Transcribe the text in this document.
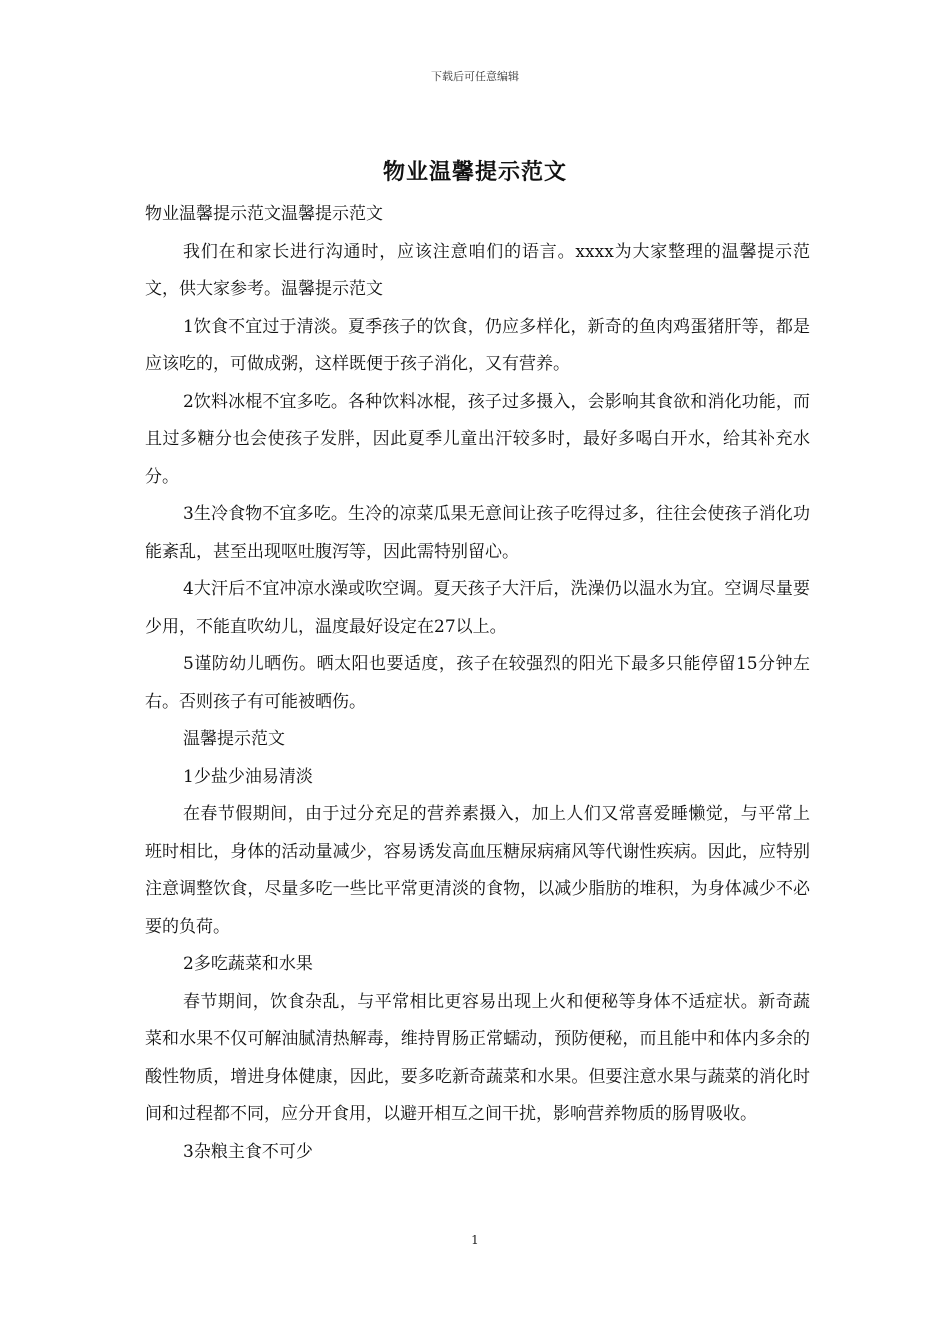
下载后可任意编辑
物业温馨提示范文

物业温馨提示范文温馨提示范文

我们在和家长进行沟通时，应该注意咱们的语言。xxxx为大家整理的温馨提示范文，供大家参考。温馨提示范文

1饮食不宜过于清淡。夏季孩子的饮食，仍应多样化，新奇的鱼肉鸡蛋猪肝等，都是应该吃的，可做成粥，这样既便于孩子消化，又有营养。

2饮料冰棍不宜多吃。各种饮料冰棍，孩子过多摄入，会影响其食欲和消化功能，而且过多糖分也会使孩子发胖，因此夏季儿童出汗较多时，最好多喝白开水，给其补充水分。

3生冷食物不宜多吃。生冷的凉菜瓜果无意间让孩子吃得过多，往往会使孩子消化功能紊乱，甚至出现呕吐腹泻等，因此需特别留心。

4大汗后不宜冲凉水澡或吹空调。夏天孩子大汗后，洗澡仍以温水为宜。空调尽量要少用，不能直吹幼儿，温度最好设定在27以上。

5谨防幼儿晒伤。晒太阳也要适度，孩子在较强烈的阳光下最多只能停留15分钟左右。否则孩子有可能被晒伤。

温馨提示范文

1少盐少油易清淡

在春节假期间，由于过分充足的营养素摄入，加上人们又常喜爱睡懒觉，与平常上班时相比，身体的活动量减少，容易诱发高血压糖尿病痛风等代谢性疾病。因此，应特别注意调整饮食，尽量多吃一些比平常更清淡的食物，以减少脂肪的堆积，为身体减少不必要的负荷。

2多吃蔬菜和水果

春节期间，饮食杂乱，与平常相比更容易出现上火和便秘等身体不适症状。新奇蔬菜和水果不仅可解油腻清热解毒，维持胃肠正常蠕动，预防便秘，而且能中和体内多余的酸性物质，增进身体健康，因此，要多吃新奇蔬菜和水果。但要注意水果与蔬菜的消化时间和过程都不同，应分开食用，以避开相互之间干扰，影响营养物质的肠胃吸收。

3杂粮主食不可少

1
